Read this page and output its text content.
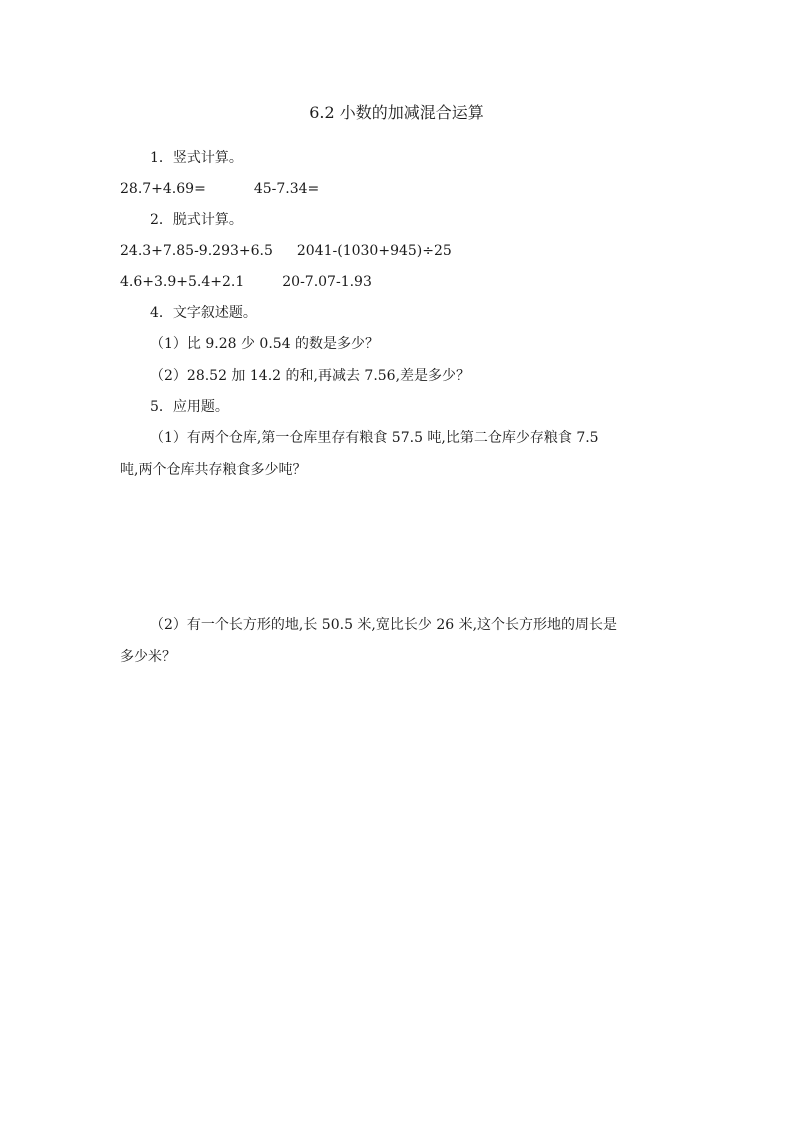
6.2 小数的加减混合运算
1．竖式计算。
28.7+4.69=	45-7.34=
2．脱式计算。
24.3+7.85-9.293+6.5 2041-(1030+945)÷25
4.6+3.9+5.4+2.1	20-7.07-1.93
4．文字叙述题。
（1）比 9.28 少 0.54 的数是多少？
（2）28.52 加 14.2 的和,再减去 7.56,差是多少？
5．应用题。
（1）有两个仓库,第一仓库里存有粮食 57.5 吨,比第二仓库少存粮食 7.5
吨,两个仓库共存粮食多少吨？
（2）有一个长方形的地,长 50.5 米,宽比长少 26 米,这个长方形地的周长是
多少米？
